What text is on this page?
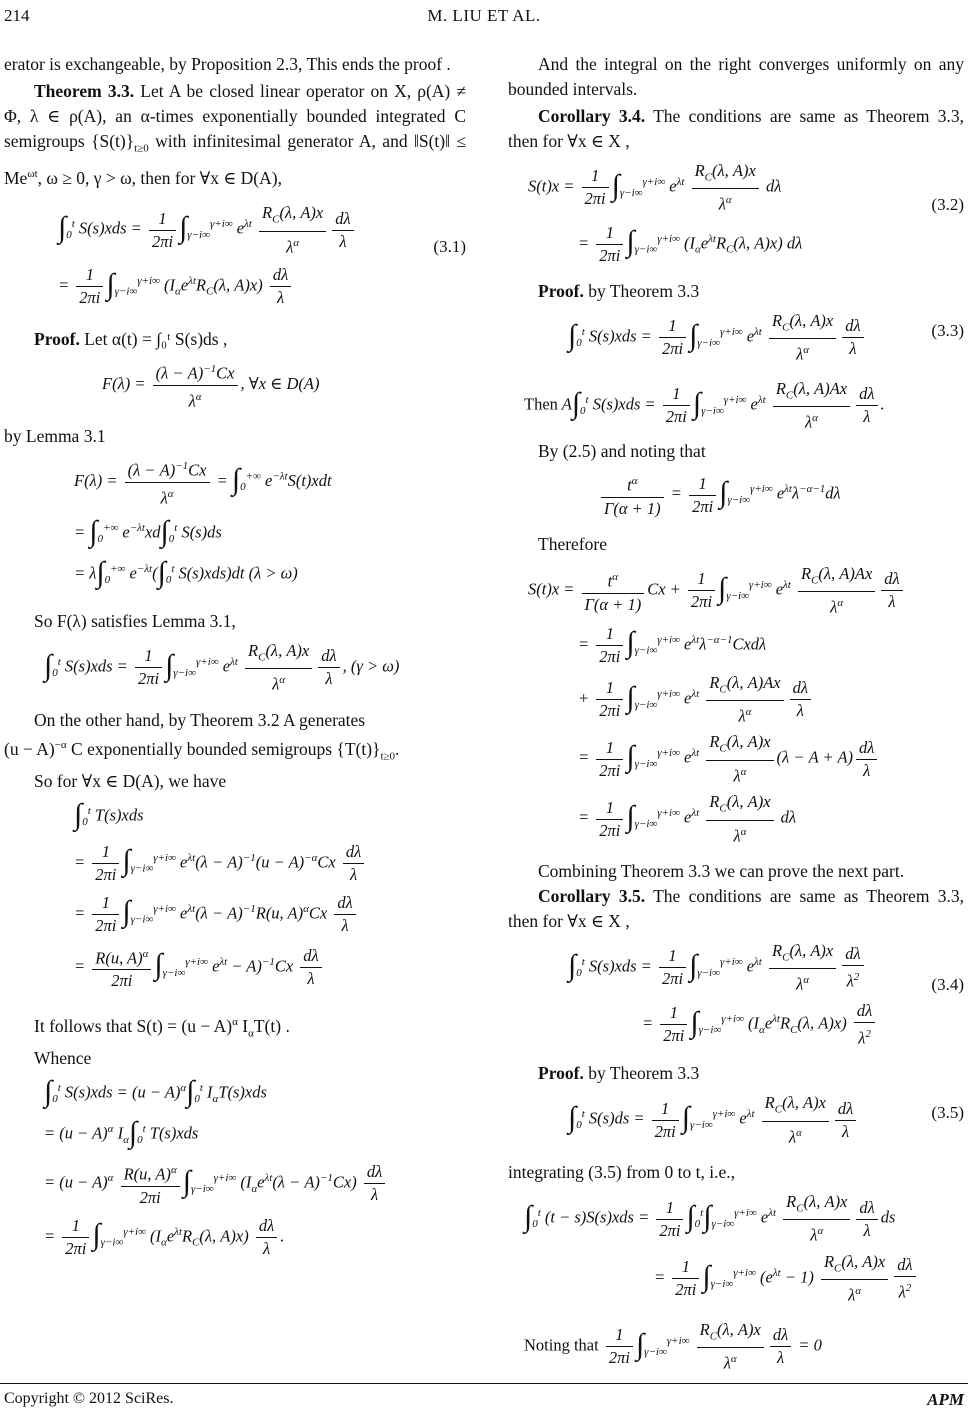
214	M. LIU ET AL.

erator is exchangeable, by Proposition 2.3, This ends the proof .

Theorem 3.3. Let A be closed linear operator on X, ρ(A) ≠ Φ, λ ∈ ρ(A), an α-times exponentially bounded integrated C semigroups $\{S(t)\}_{t\ge 0}$ with infinitesimal generator A, and ‖S(t)‖ ≤ $Me^{\omega t}$, ω ≥ 0, γ > ω, then for ∀x ∈ D(A),

$\int_0^t$ $S(s)xds = \frac{1}{2\pi i} \int_{\gamma-i\infty}^{\gamma+i\infty}$ $e^{\lambda t} \frac{R_C(\lambda, A)x}{\lambda^\alpha} \frac{d\lambda}{\lambda}$
= $\frac{1}{2\pi i} \int_{\gamma-i\infty}^{\gamma+i\infty}$ ($I_\alpha e^{\lambda t}R_C(\lambda$, $A)x) \frac{d\lambda}{\lambda}$
(3.1)

Proof. Let α(t) = ∫₀ᵗ S(s)ds ,

$F(\lambda) = \frac{(\lambda - A)^{-1}Cx}{\lambda^\alpha}$ , ∀x ∈ D(A)

by Lemma 3.1

$F(\lambda) = \frac{(\lambda - A)^{-1}Cx}{\lambda^\alpha} = \int_0^{+\infty}$ $e^{-\lambda t}S(t)xdt$
= $\int_0^{+\infty}$ $e^{-\lambda t}xd\int_0^t$ S(s)ds
= $\lambda\int_0^{+\infty}$ $e^{-\lambda t}(\int_0^t$ S(s)xds)dt (λ > ω)

So F(λ) satisfies Lemma 3.1,

$\int_0^t$ $S(s)xds = \frac{1}{2\pi i} \int_{\gamma-i\infty}^{\gamma+i\infty}$ $e^{\lambda t} \frac{R_C(\lambda, A)x}{\lambda^\alpha} \frac{d\lambda}{\lambda}$ , (γ > ω)

On the other hand, by Theorem 3.2 A generates

$(u - A)^{-\alpha}$ C exponentially bounded semigroups $\{T(t)\}_{t\ge 0}$.

So for ∀x ∈ D(A), we have

$\int_0^t$ T(s)xds
= $\frac{1}{2\pi i} \int_{\gamma-i\infty}^{\gamma+i\infty}$ $e^{\lambda t}(\lambda - A)^{-1}(u - A)^{-\alpha}Cx \frac{d\lambda}{\lambda}$
= $\frac{1}{2\pi i} \int_{\gamma-i\infty}^{\gamma+i\infty}$ $e^{\lambda t}(\lambda - A)^{-1}R(u$, $A)^\alpha Cx \frac{d\lambda}{\lambda}$
= $\frac{R(u, A)^\alpha}{2\pi i} \int_{\gamma-i\infty}^{\gamma+i\infty}$ $e^{\lambda t} - A)^{-1}Cx \frac{d\lambda}{\lambda}$

It follows that $S(t) = (u - A)^\alpha$ $I_\alpha T(t)$ .

Whence

$\int_0^t$ $S(s)xds = (u - A)^\alpha\int_0^t$ $I_\alpha T(s)xds$
= $(u - A)^\alpha$ $I_\alpha\int_0^t$ T(s)xds
= $(u - A)^\alpha \frac{R(u, A)^\alpha}{2\pi i} \int_{\gamma-i\infty}^{\gamma+i\infty}$ $(I_\alpha e^{\lambda t}(\lambda - A)^{-1}Cx) \frac{d\lambda}{\lambda}$
= $\frac{1}{2\pi i} \int_{\gamma-i\infty}^{\gamma+i\infty}$ ($I_\alpha e^{\lambda t}R_C(\lambda$, $A)x) \frac{d\lambda}{\lambda}$ .

And the integral on the right converges uniformly on any bounded intervals.

Corollary 3.4. The conditions are same as Theorem 3.3, then for ∀x ∈ X ,

$S(t)x = \frac{1}{2\pi i} \int_{\gamma-i\infty}^{\gamma+i\infty}$ $e^{\lambda t} \frac{R_C(\lambda, A)x}{\lambda^\alpha}$ dλ
= $\frac{1}{2\pi i} \int_{\gamma-i\infty}^{\gamma+i\infty}$ ($I_\alpha e^{\lambda t}R_C(\lambda$, A)x) dλ
(3.2)

Proof. by Theorem 3.3

$\int_0^t$ $S(s)xds = \frac{1}{2\pi i} \int_{\gamma-i\infty}^{\gamma+i\infty}$ $e^{\lambda t} \frac{R_C(\lambda, A)x}{\lambda^\alpha} \frac{d\lambda}{\lambda}$	(3.3)
Then $A\int_0^t$ $S(s)xds = \frac{1}{2\pi i} \int_{\gamma-i\infty}^{\gamma+i\infty}$ $e^{\lambda t} \frac{R_C(\lambda, A)Ax}{\lambda^\alpha} \frac{d\lambda}{\lambda}$ .

By (2.5) and noting that

$\frac{t^\alpha}{\Gamma(\alpha + 1)} = \frac{1}{2\pi i} \int_{\gamma-i\infty}^{\gamma+i\infty}$ $e^{\lambda t}\lambda^{-\alpha-1}d\lambda$

Therefore

$S(t)x = \frac{t^\alpha}{\Gamma(\alpha + 1)}$ $Cx + \frac{1}{2\pi i} \int_{\gamma-i\infty}^{\gamma+i\infty}$ $e^{\lambda t} \frac{R_C(\lambda, A)Ax}{\lambda^\alpha} \frac{d\lambda}{\lambda}$
= $\frac{1}{2\pi i} \int_{\gamma-i\infty}^{\gamma+i\infty}$ $e^{\lambda t}\lambda^{-\alpha-1}Cxd\lambda$
+ $\frac{1}{2\pi i} \int_{\gamma-i\infty}^{\gamma+i\infty}$ $e^{\lambda t} \frac{R_C(\lambda, A)Ax}{\lambda^\alpha} \frac{d\lambda}{\lambda}$
= $\frac{1}{2\pi i} \int_{\gamma-i\infty}^{\gamma+i\infty}$ $e^{\lambda t} \frac{R_C(\lambda, A)x}{\lambda^\alpha} (\lambda - A + A) \frac{d\lambda}{\lambda}$
= $\frac{1}{2\pi i} \int_{\gamma-i\infty}^{\gamma+i\infty}$ $e^{\lambda t} \frac{R_C(\lambda, A)x}{\lambda^\alpha}$ dλ

Combining Theorem 3.3 we can prove the next part.

Corollary 3.5. The conditions are same as Theorem 3.3, then for ∀x ∈ X ,

$\int_0^t$ $S(s)xds = \frac{1}{2\pi i} \int_{\gamma-i\infty}^{\gamma+i\infty}$ $e^{\lambda t} \frac{R_C(\lambda, A)x}{\lambda^\alpha} \frac{d\lambda}{\lambda^2}$
= $\frac{1}{2\pi i} \int_{\gamma-i\infty}^{\gamma+i\infty}$ ($I_\alpha e^{\lambda t}R_C(\lambda$, $A)x) \frac{d\lambda}{\lambda^2}$
(3.4)

Proof. by Theorem 3.3

$\int_0^t$ $S(s)ds = \frac{1}{2\pi i} \int_{\gamma-i\infty}^{\gamma+i\infty}$ $e^{\lambda t} \frac{R_C(\lambda, A)x}{\lambda^\alpha} \frac{d\lambda}{\lambda}$	(3.5)

integrating (3.5) from 0 to t, i.e.,

$\int_0^t$ $(t - s)S(s)xds = \frac{1}{2\pi i} \int_0^t\int_{\gamma-i\infty}^{\gamma+i\infty}$ $e^{\lambda t} \frac{R_C(\lambda, A)x}{\lambda^\alpha} \frac{d\lambda}{\lambda}$ ds
= $\frac{1}{2\pi i} \int_{\gamma-i\infty}^{\gamma+i\infty}$ $(e^{\lambda t} - 1) \frac{R_C(\lambda, A)x}{\lambda^\alpha} \frac{d\lambda}{\lambda^2}$
Noting that $\frac{1}{2\pi i} \int_{\gamma-i\infty}^{\gamma+i\infty} \frac{R_C(\lambda, A)x}{\lambda^\alpha} \frac{d\lambda}{\lambda} = 0$
Copyright © 2012 SciRes.	APM
